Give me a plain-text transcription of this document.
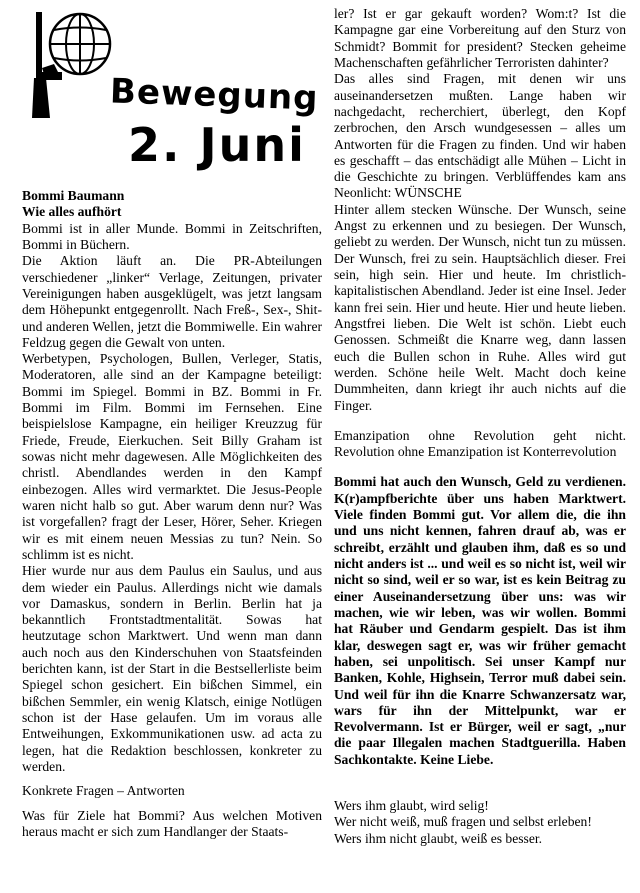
Bewegung
2. Juni

Bommi Baumann

Wie alles aufhört

Bommi ist in aller Munde. Bommi in Zeitschriften, Bommi in Büchern.

Die Aktion läuft an. Die PR-Abteilungen verschiedener „linker“ Verlage, Zeitungen, privater Vereinigungen haben ausgeklügelt, was jetzt langsam dem Höhepunkt entgegenrollt. Nach Freß-, Sex-, Shit- und anderen Wellen, jetzt die Bommiwelle. Ein wahrer Feldzug gegen die Gewalt von unten.

Werbetypen, Psychologen, Bullen, Verleger, Statis, Moderatoren, alle sind an der Kampagne beteiligt: Bommi im Spiegel. Bommi in BZ. Bommi in Fr. Bommi im Film. Bommi im Fernsehen. Eine beispielslose Kampagne, ein heiliger Kreuzzug für Friede, Freude, Eierkuchen. Seit Billy Graham ist sowas nicht mehr dagewesen. Alle Möglichkeiten des christl. Abendlandes werden in den Kampf einbezogen. Alles wird vermarktet. Die Jesus-People waren nicht halb so gut. Aber warum denn nur? Was ist vorgefallen? fragt der Leser, Hörer, Seher. Kriegen wir es mit einem neuen Messias zu tun? Nein. So schlimm ist es nicht.

Hier wurde nur aus dem Paulus ein Saulus, und aus dem wieder ein Paulus. Allerdings nicht wie damals vor Damaskus, sondern in Berlin. Berlin hat ja bekanntlich Frontstadtmentalität. Sowas hat heutzutage schon Marktwert. Und wenn man dann auch noch aus den Kinderschuhen von Staatsfeinden berichten kann, ist der Start in die Bestsellerliste beim Spiegel schon gesichert. Ein bißchen Simmel, ein bißchen Semmler, ein wenig Klatsch, einige Notlügen schon ist der Hase gelaufen. Um im voraus alle Entweihungen, Exkommunikationen usw. ad acta zu legen, hat die Redaktion beschlossen, konkreter zu werden.

Konkrete Fragen – Antworten

Was für Ziele hat Bommi? Aus welchen Motiven heraus macht er sich zum Handlanger der Staats-

ler? Ist er gar gekauft worden? Wom:t? Ist die Kampagne gar eine Vorbereitung auf den Sturz von Schmidt? Bommit for president? Stecken geheime Machenschaften gefährlicher Terroristen dahinter?

Das alles sind Fragen, mit denen wir uns auseinandersetzen mußten. Lange haben wir nachgedacht, recherchiert, überlegt, den Kopf zerbrochen, den Arsch wundgesessen – alles um Antworten für die Fragen zu finden. Und wir haben es geschafft – das entschädigt alle Mühen – Licht in die Geschichte zu bringen. Verblüffendes kam ans Neonlicht: WÜNSCHE

Hinter allem stecken Wünsche. Der Wunsch, seine Angst zu erkennen und zu besiegen. Der Wunsch, geliebt zu werden. Der Wunsch, nicht tun zu müssen. Der Wunsch, frei zu sein. Hauptsächlich dieser. Frei sein, high sein. Hier und heute. Im christlich-kapitalistischen Abendland. Jeder ist eine Insel. Jeder kann frei sein. Hier und heute. Hier und heute lieben. Angstfrei lieben. Die Welt ist schön. Liebt euch Genossen. Schmeißt die Knarre weg, dann lassen euch die Bullen schon in Ruhe. Alles wird gut werden. Schöne heile Welt. Macht doch keine Dummheiten, dann kriegt ihr auch nichts auf die Finger.

Emanzipation ohne Revolution geht nicht. Revolution ohne Emanzipation ist Konterrevolution

Bommi hat auch den Wunsch, Geld zu verdienen. K(r)ampfberichte über uns haben Marktwert. Viele finden Bommi gut. Vor allem die, die ihn und uns nicht kennen, fahren drauf ab, was er schreibt, erzählt und glauben ihm, daß es so und nicht anders ist ... und weil es so nicht ist, weil wir nicht so sind, weil er so war, ist es kein Beitrag zu einer Auseinandersetzung über uns: was wir machen, wie wir leben, was wir wollen. Bommi hat Räuber und Gendarm gespielt. Das ist ihm klar, deswegen sagt er, was wir früher gemacht haben, sei unpolitisch. Sei unser Kampf nur Banken, Kohle, Highsein, Terror muß dabei sein. Und weil für ihn die Knarre Schwanzersatz war, wars für ihn der Mittelpunkt, war er Revolvermann. Ist er Bürger, weil er sagt, „nur die paar Illegalen machen Stadtguerilla. Haben Sachkontakte. Keine Liebe.

Wers ihm glaubt, wird selig!

Wer nicht weiß, muß fragen und selbst erleben!

Wers ihm nicht glaubt, weiß es besser.
